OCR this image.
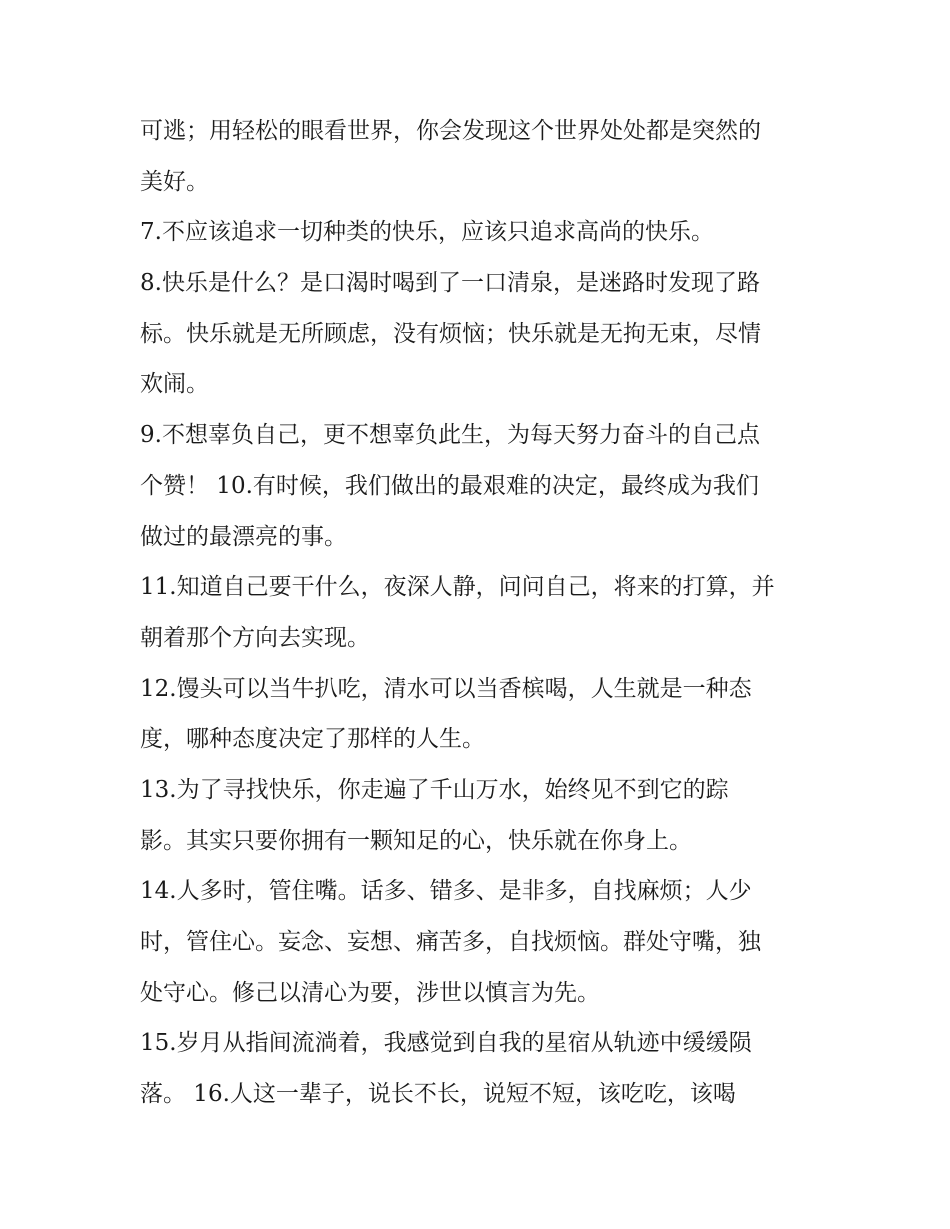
可逃；用轻松的眼看世界，你会发现这个世界处处都是突然的
美好。
7.不应该追求一切种类的快乐，应该只追求高尚的快乐。
8.快乐是什么？是口渴时喝到了一口清泉，是迷路时发现了路
标。快乐就是无所顾虑，没有烦恼；快乐就是无拘无束，尽情
欢闹。
9.不想辜负自己，更不想辜负此生，为每天努力奋斗的自己点
个赞！ 10.有时候，我们做出的最艰难的决定，最终成为我们
做过的最漂亮的事。
11.知道自己要干什么，夜深人静，问问自己，将来的打算，并
朝着那个方向去实现。
12.馒头可以当牛扒吃，清水可以当香槟喝，人生就是一种态
度，哪种态度决定了那样的人生。
13.为了寻找快乐，你走遍了千山万水，始终见不到它的踪
影。其实只要你拥有一颗知足的心，快乐就在你身上。
14.人多时，管住嘴。话多、错多、是非多，自找麻烦；人少
时，管住心。妄念、妄想、痛苦多，自找烦恼。群处守嘴，独
处守心。修己以清心为要，涉世以慎言为先。
15.岁月从指间流淌着，我感觉到自我的星宿从轨迹中缓缓陨
落。 16.人这一辈子，说长不长，说短不短，该吃吃，该喝
